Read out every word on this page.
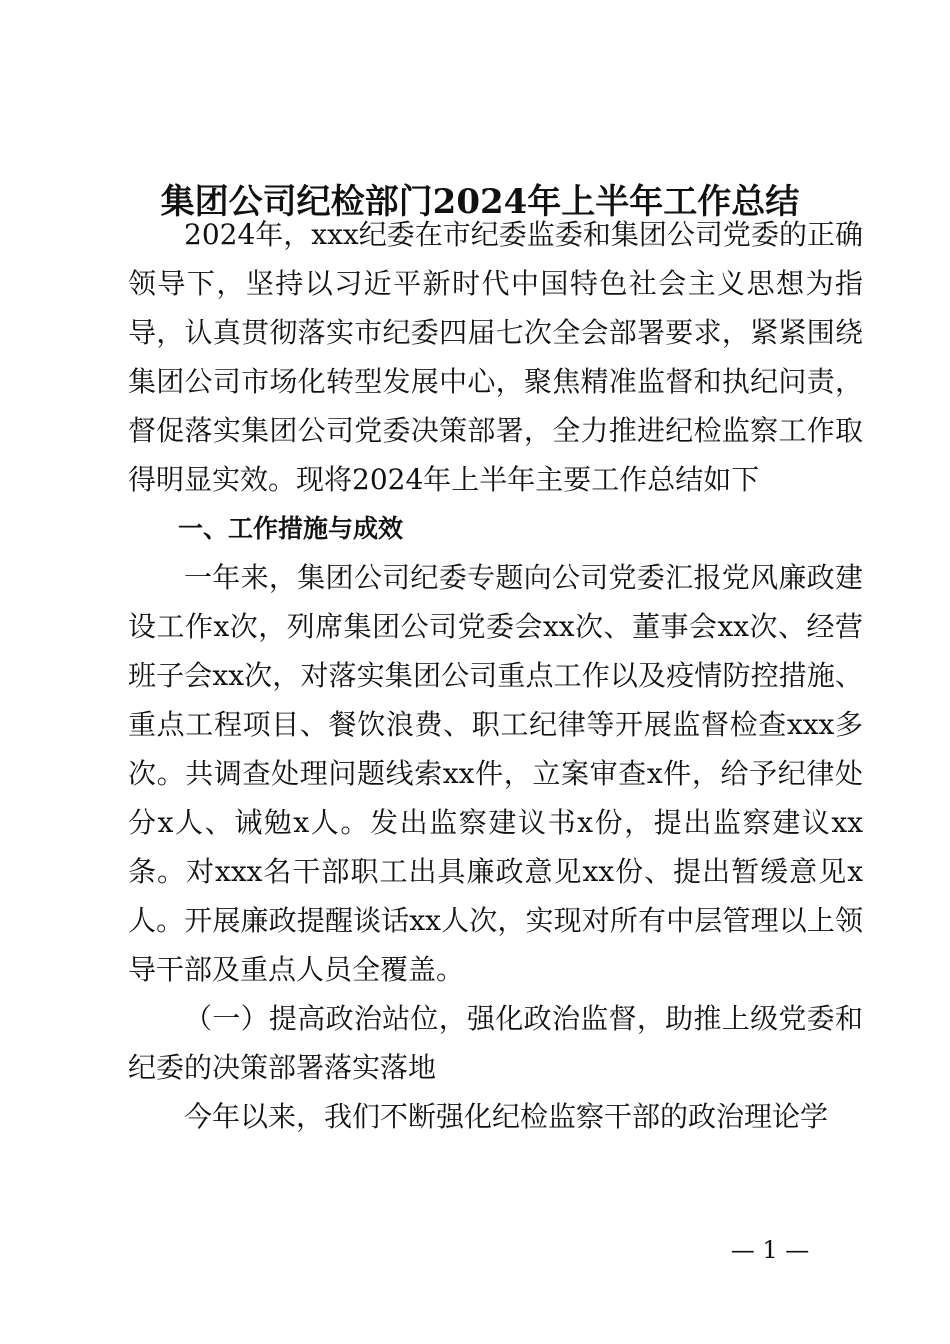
集团公司纪检部门2024年上半年工作总结

2024年，xxx纪委在市纪委监委和集团公司党委的正确领导下，坚持以习近平新时代中国特色社会主义思想为指导，认真贯彻落实市纪委四届七次全会部署要求，紧紧围绕集团公司市场化转型发展中心，聚焦精准监督和执纪问责，督促落实集团公司党委决策部署，全力推进纪检监察工作取得明显实效。现将2024年上半年主要工作总结如下

一、工作措施与成效

一年来，集团公司纪委专题向公司党委汇报党风廉政建设工作x次，列席集团公司党委会xx次、董事会xx次、经营班子会xx次，对落实集团公司重点工作以及疫情防控措施、重点工程项目、餐饮浪费、职工纪律等开展监督检查xxx多次。共调查处理问题线索xx件，立案审查x件，给予纪律处分x人、诫勉x人。发出监察建议书x份，提出监察建议xx条。对xxx名干部职工出具廉政意见xx份、提出暂缓意见x人。开展廉政提醒谈话xx人次，实现对所有中层管理以上领导干部及重点人员全覆盖。

（一）提高政治站位，强化政治监督，助推上级党委和纪委的决策部署落实落地

今年以来，我们不断强化纪检监察干部的政治理论学

— 1 —
